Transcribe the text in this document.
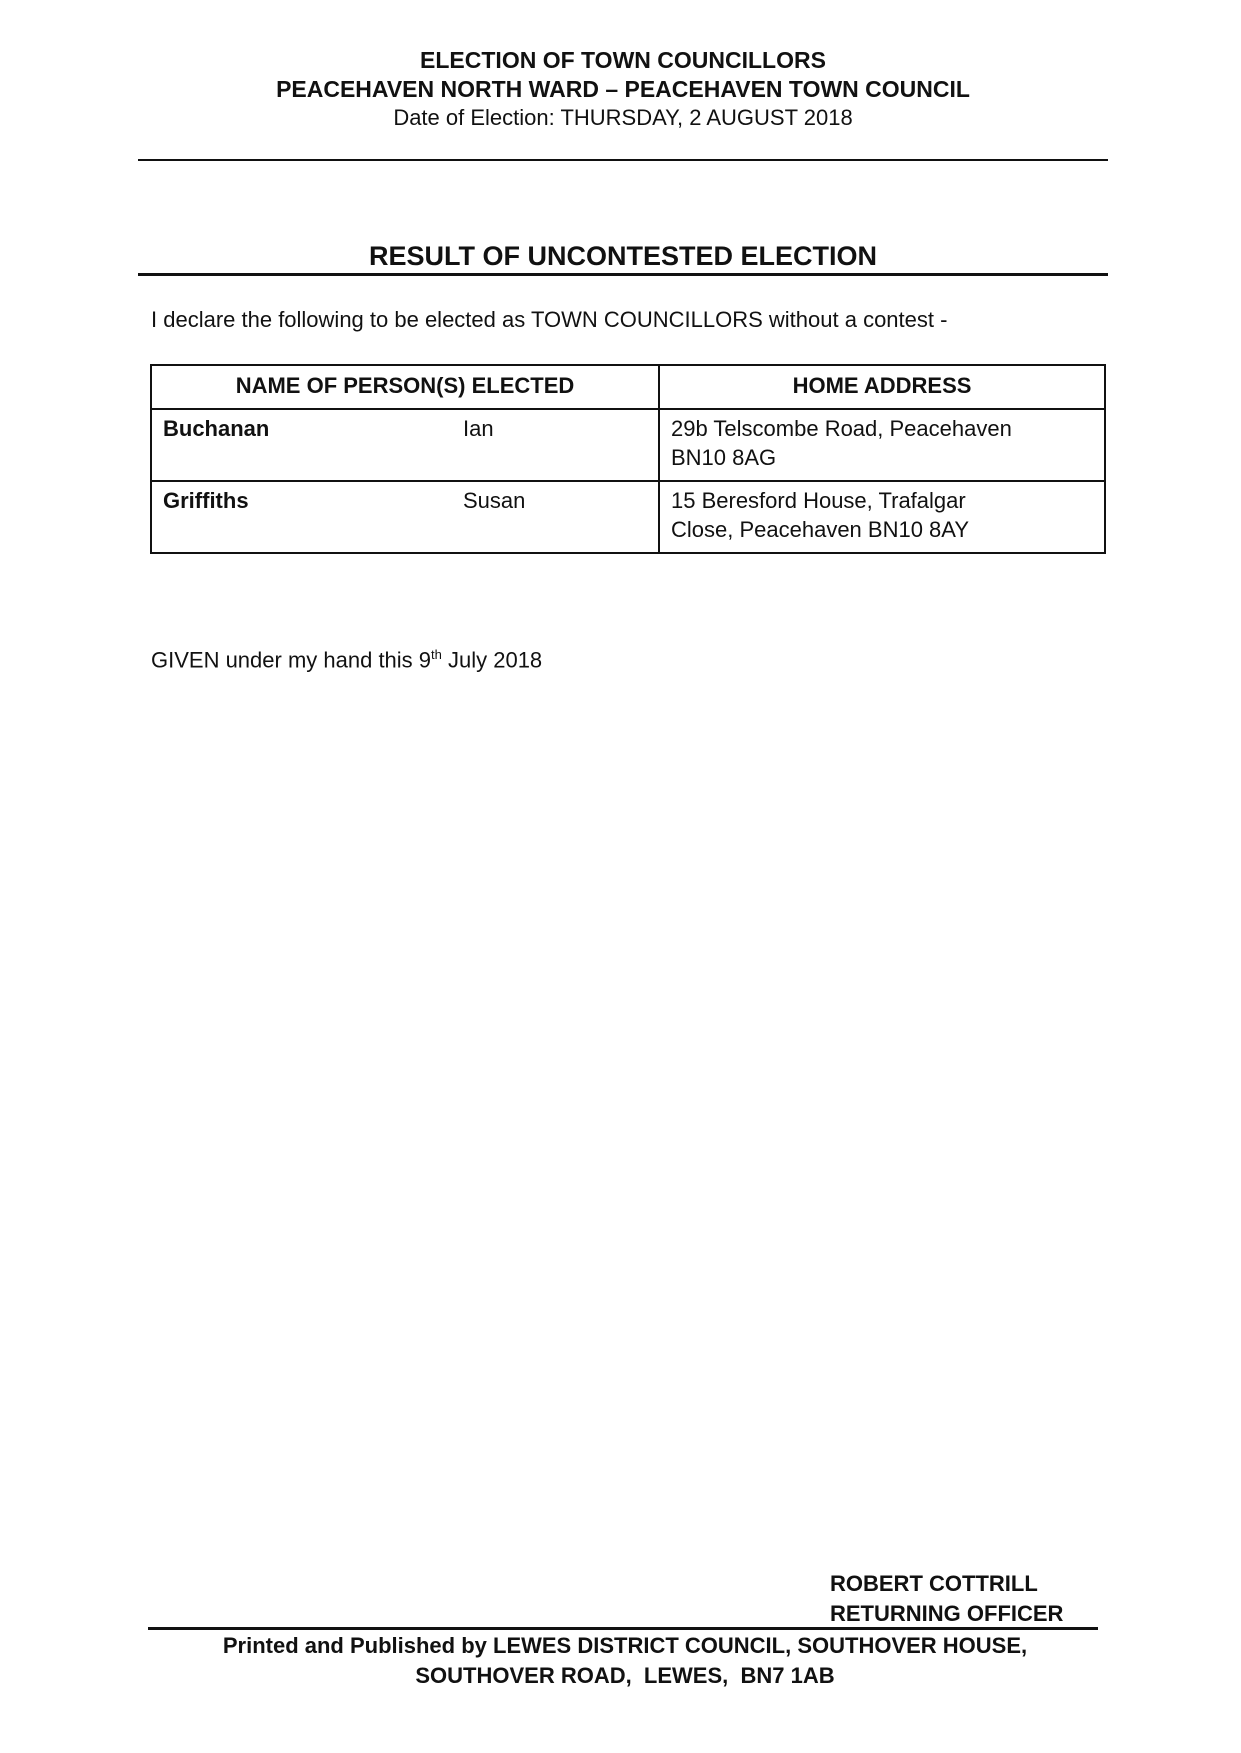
ELECTION OF TOWN COUNCILLORS
PEACEHAVEN NORTH WARD – PEACEHAVEN TOWN COUNCIL
Date of Election: THURSDAY, 2 AUGUST 2018
RESULT OF UNCONTESTED ELECTION
I declare the following to be elected as TOWN COUNCILLORS without a contest -
NAME OF PERSON(S) ELECTED	HOME ADDRESS
Buchanan Ian	29b Telscombe Road, Peacehaven
BN10 8AG

Griffiths Susan	15 Beresford House, Trafalgar
Close, Peacehaven BN10 8AY
GIVEN under my hand this 9th July 2018
ROBERT COTTRILL
RETURNING OFFICER
Printed and Published by LEWES DISTRICT COUNCIL, SOUTHOVER HOUSE,
SOUTHOVER ROAD,  LEWES,  BN7 1AB
